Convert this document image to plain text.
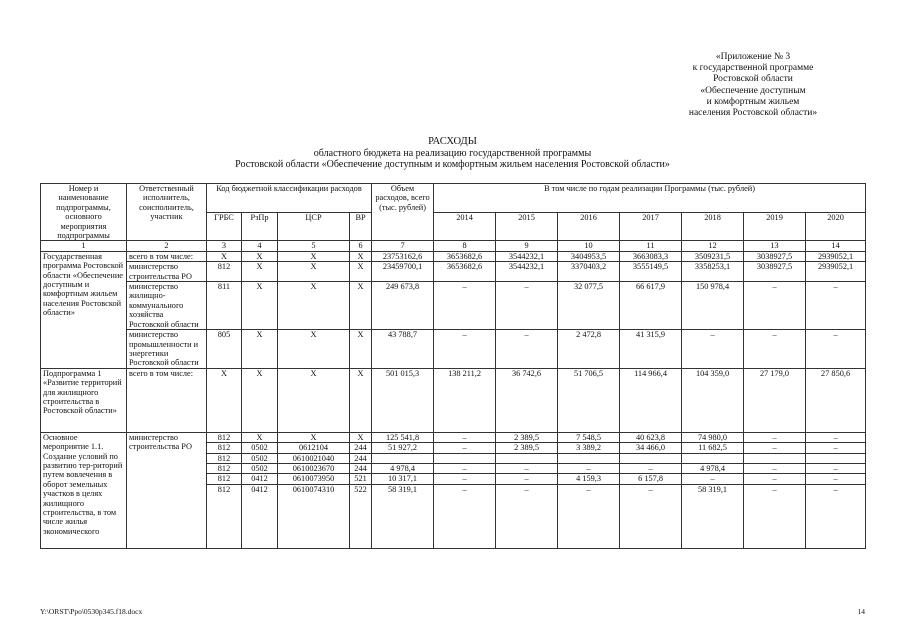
«Приложение № 3
к государственной программе
Ростовской области
«Обеспечение доступным
и комфортным жильем
населения Ростовской области»
РАСХОДЫ
областного бюджета на реализацию государственной программы
Ростовской области «Обеспечение доступным и комфортным жильем населения Ростовской области»
Номер и наименование подпрограммы, основного мероприятия подпрограммы	Ответственный исполнитель, соисполнитель, участник	Код бюджетной классификации расходов				Объем расходов, всего (тыс. рублей)	В том числе по годам реализации Программы (тыс. рублей)						
		ГРБС	РзПр	ЦСР	ВР		2014	2015	2016	2017	2018	2019	2020
1	2	3	4	5	6	7	8	9	10	11	12	13	14
Государственная программа Ростовской области «Обеспечение доступным и комфортным жильем населения Ростовской области»	всего в том числе:	X	X	X	X	23753162,6	3653682,6	3544232,1	3404953,5	3663083,3	3509231,5	3038927,5	2939052,1
	министерство строительства РО	812	X	X	X	23459700,1	3653682,6	3544232,1	3370403,2	3555149,5	3358253,1	3038927,5	2939052,1
	министерство жилищно-коммунального хозяйства Ростовской области	811	X	X	X	249 673,8	–	–	32 077,5	66 617,9	150 978,4	–	–
	министерство промышленности и энергетики Ростовской области	805	X	X	X	43 788,7	–	–	2 472,8	41 315,9	–	–	–
Подпрограмма 1 «Развитие территорий для жилищного строительства в Ростовской области»	всего в том числе:	X	X	X	X	501 015,3	138 211,2	36 742,6	51 706,5	114 966,4	104 359,0	27 179,0	27 850,6
Основное мероприятие 1.1. Создание условий по развитию тер-риторий путем вовлечения в оборот земельных участков в целях жилищного строительства, в том числе жилья экономического	министерство строительства РО	812	X	X	X	125 541,8	–	2 389,5	7 548,5	40 623,8	74 980,0	–	–
		812	0502	0612104	244	51 927,2	–	2 389,5	3 389,2	34 466,0	11 682,5	–	–
		812	0502	0610021040	244								
		812	0502	0610023670	244	4 978,4	–	–	–	–	4 978,4	–	–
		812	0412	0610073950	521	10 317,1	–	–	4 159,3	6 157,8	–	–	–
		812	0412	0610074310	522	58 319,1	–	–	–	–	58 319,1	–	–
Y:\ORST\Ppo\0530p345.f18.docx	14
